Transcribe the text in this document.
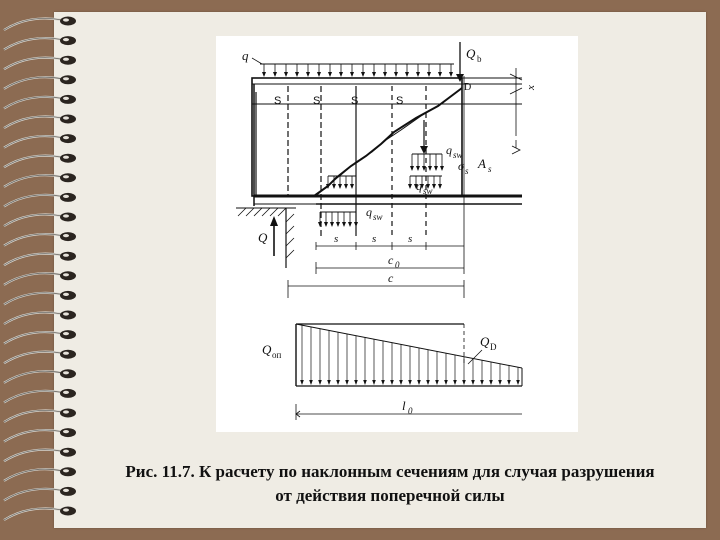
S	S	S	S
Q b
D
q
x
q sw
σ s A s
q sw
q sw
Q	s	s	s
c 0
c
Q оп
Q D
l 0
Рис. 11.7. К расчету по наклонным сечениям для случая разрушения
от действия поперечной силы
